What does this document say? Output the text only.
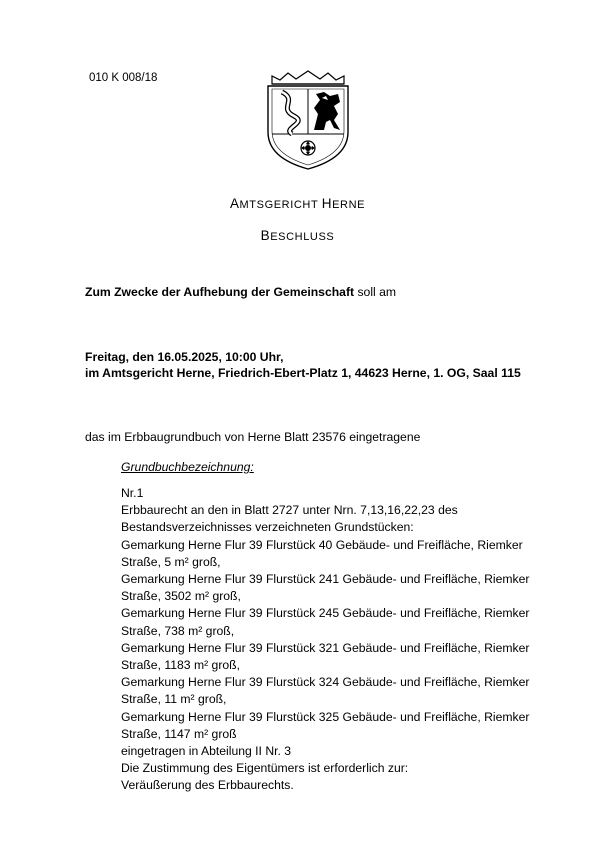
010 K 008/18
AMTSGERICHT HERNE
BESCHLUSS
Zum Zwecke der Aufhebung der Gemeinschaft soll am
Freitag, den 16.05.2025, 10:00 Uhr,
im Amtsgericht Herne, Friedrich-Ebert-Platz 1, 44623 Herne, 1. OG, Saal 115
das im Erbbaugrundbuch von Herne Blatt 23576 eingetragene
Grundbuchbezeichnung:
Nr.1
Erbbaurecht an den in Blatt 2727 unter Nrn. 7,13,16,22,23 des
Bestandsverzeichnisses verzeichneten Grundstücken:
Gemarkung Herne Flur 39 Flurstück 40 Gebäude- und Freifläche, Riemker
Straße, 5 m² groß,
Gemarkung Herne Flur 39 Flurstück 241 Gebäude- und Freifläche, Riemker
Straße, 3502 m² groß,
Gemarkung Herne Flur 39 Flurstück 245 Gebäude- und Freifläche, Riemker
Straße, 738 m² groß,
Gemarkung Herne Flur 39 Flurstück 321 Gebäude- und Freifläche, Riemker
Straße, 1183 m² groß,
Gemarkung Herne Flur 39 Flurstück 324 Gebäude- und Freifläche, Riemker
Straße, 11 m² groß,
Gemarkung Herne Flur 39 Flurstück 325 Gebäude- und Freifläche, Riemker
Straße, 1147 m² groß
eingetragen in Abteilung II Nr. 3
Die Zustimmung des Eigentümers ist erforderlich zur:
Veräußerung des Erbbaurechts.
